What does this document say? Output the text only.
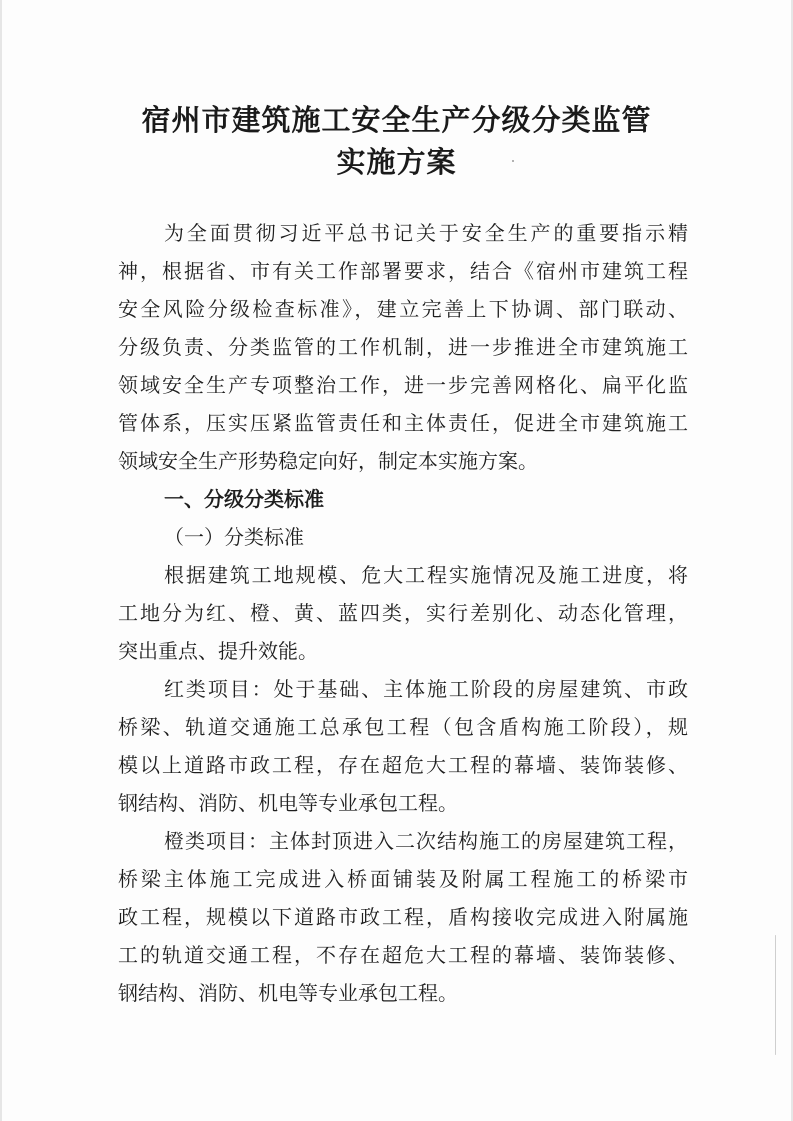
宿州市建筑施工安全生产分级分类监管
实施方案
为全面贯彻习近平总书记关于安全生产的重要指示精
神，根据省、市有关工作部署要求，结合《宿州市建筑工程
安全风险分级检查标准》，建立完善上下协调、部门联动、
分级负责、分类监管的工作机制，进一步推进全市建筑施工
领域安全生产专项整治工作，进一步完善网格化、扁平化监
管体系，压实压紧监管责任和主体责任，促进全市建筑施工
领域安全生产形势稳定向好，制定本实施方案。
一、分级分类标准
（一）分类标准
根据建筑工地规模、危大工程实施情况及施工进度，将
工地分为红、橙、黄、蓝四类，实行差别化、动态化管理，
突出重点、提升效能。
红类项目：处于基础、主体施工阶段的房屋建筑、市政
桥梁、轨道交通施工总承包工程（包含盾构施工阶段），规
模以上道路市政工程，存在超危大工程的幕墙、装饰装修、
钢结构、消防、机电等专业承包工程。
橙类项目：主体封顶进入二次结构施工的房屋建筑工程，
桥梁主体施工完成进入桥面铺装及附属工程施工的桥梁市
政工程，规模以下道路市政工程，盾构接收完成进入附属施
工的轨道交通工程，不存在超危大工程的幕墙、装饰装修、
钢结构、消防、机电等专业承包工程。
